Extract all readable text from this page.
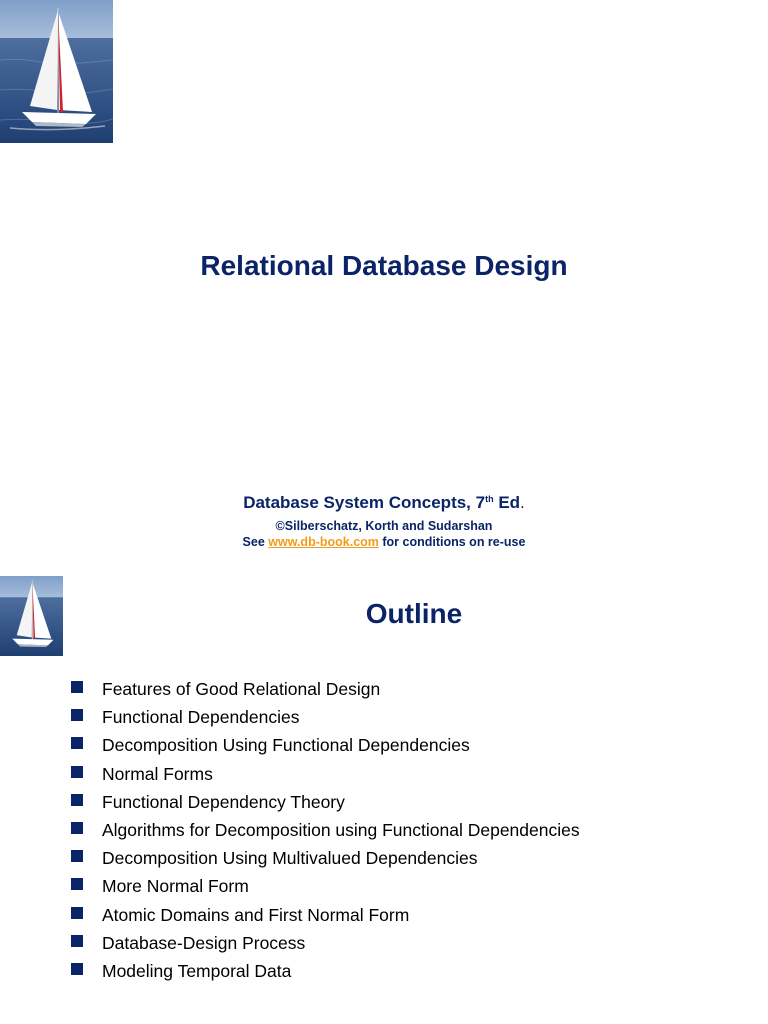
Relational Database Design
Database System Concepts, 7th Ed.
©Silberschatz, Korth and Sudarshan
See www.db-book.com for conditions on re-use
Outline
Features of Good Relational Design
Functional Dependencies
Decomposition Using Functional Dependencies
Normal Forms
Functional Dependency Theory
Algorithms for Decomposition using Functional Dependencies
Decomposition Using Multivalued Dependencies
More Normal Form
Atomic Domains and First Normal Form
Database-Design Process
Modeling Temporal Data
